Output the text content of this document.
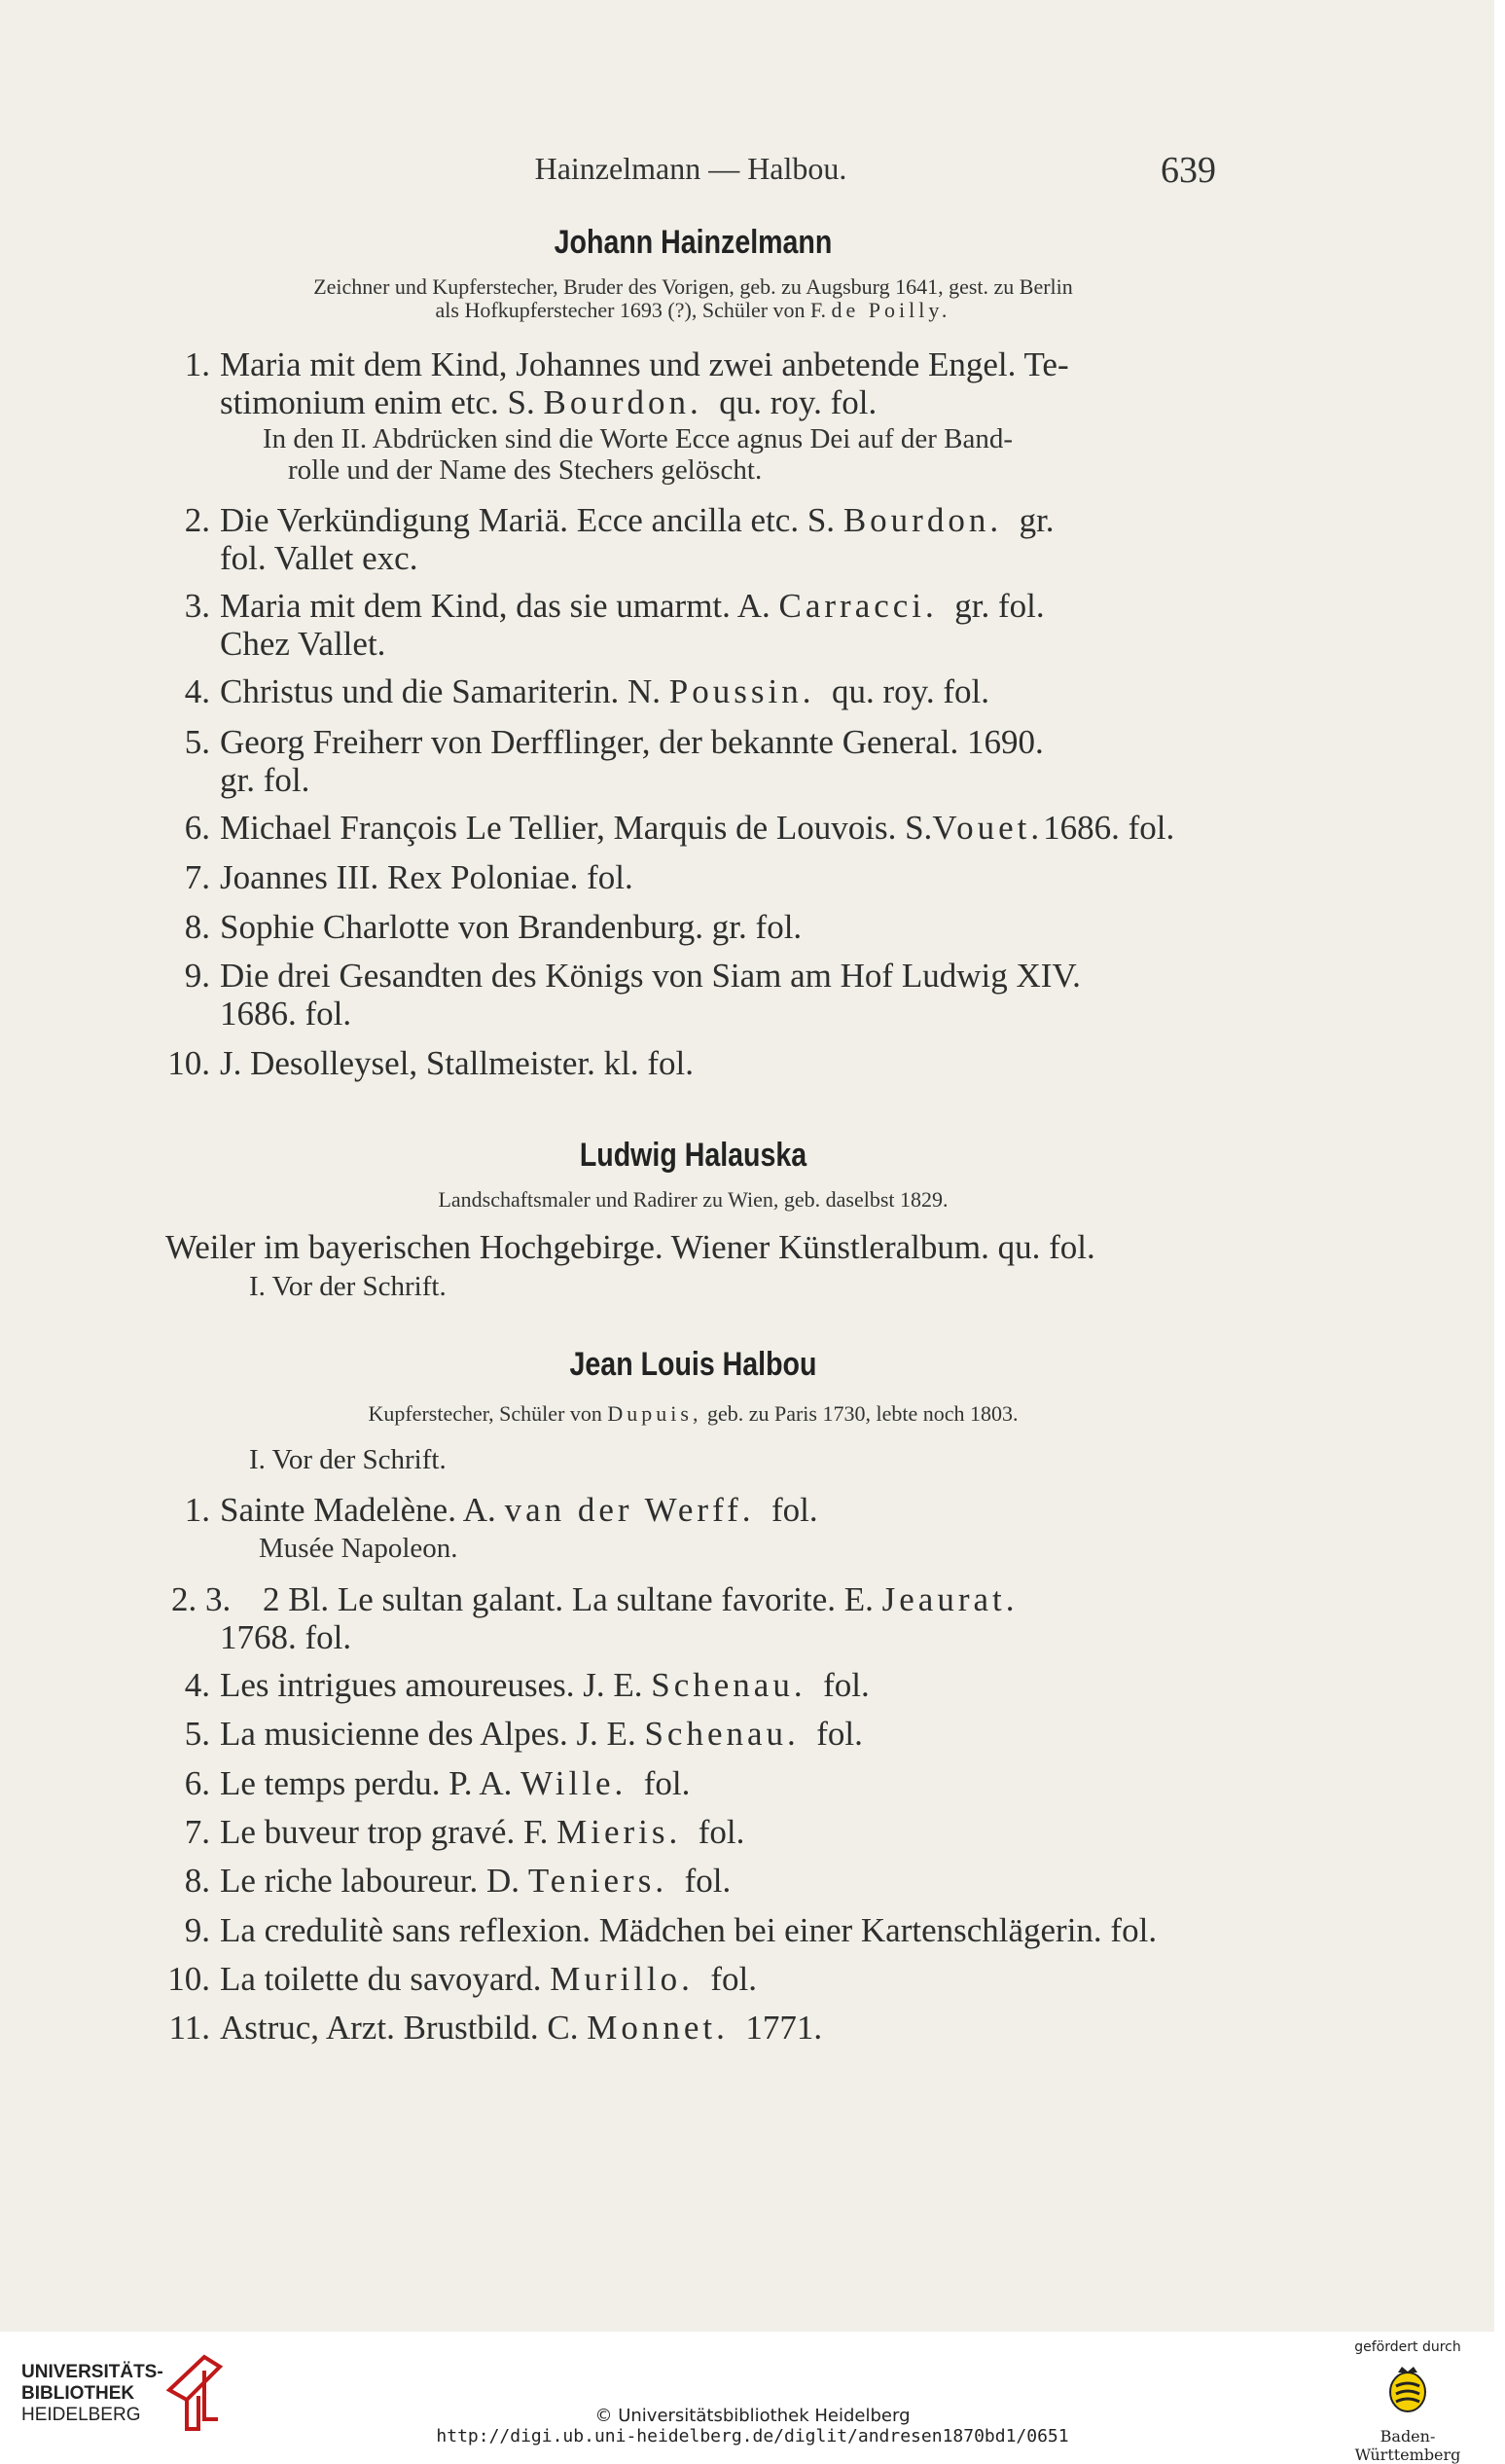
Hainzelmann — Halbou.	639
Johann Hainzelmann
Zeichner und Kupferstecher, Bruder des Vorigen, geb. zu Augsburg 1641, gest. zu Berlin
als Hofkupferstecher 1693 (?), Schüler von F. de Poilly.
1. Maria mit dem Kind, Johannes und zwei anbetende Engel. Te-
stimonium enim etc. S. Bourdon. qu. roy. fol.
In den II. Abdrücken sind die Worte Ecce agnus Dei auf der Band-
rolle und der Name des Stechers gelöscht.
2. Die Verkündigung Mariä. Ecce ancilla etc. S. Bourdon. gr.
fol. Vallet exc.
3. Maria mit dem Kind, das sie umarmt. A. Carracci. gr. fol.
Chez Vallet.
4. Christus und die Samariterin. N. Poussin. qu. roy. fol.
5. Georg Freiherr von Derfflinger, der bekannte General. 1690.
gr. fol.
6. Michael François Le Tellier, Marquis de Louvois. S.Vouet.1686. fol.
7. Joannes III. Rex Poloniae. fol.
8. Sophie Charlotte von Brandenburg. gr. fol.
9. Die drei Gesandten des Königs von Siam am Hof Ludwig XIV.
1686. fol.
10. J. Desolleysel, Stallmeister. kl. fol.
Ludwig Halauska
Landschaftsmaler und Radirer zu Wien, geb. daselbst 1829.
Weiler im bayerischen Hochgebirge. Wiener Künstleralbum. qu. fol.
I. Vor der Schrift.
Jean Louis Halbou
Kupferstecher, Schüler von Dupuis, geb. zu Paris 1730, lebte noch 1803.
I. Vor der Schrift.
1. Sainte Madelène. A. van der Werff. fol.
Musée Napoleon.
2. 3. 2 Bl. Le sultan galant. La sultane favorite. E. Jeaurat.
1768. fol.
4. Les intrigues amoureuses. J. E. Schenau. fol.
5. La musicienne des Alpes. J. E. Schenau. fol.
6. Le temps perdu. P. A. Wille. fol.
7. Le buveur trop gravé. F. Mieris. fol.
8. Le riche laboureur. D. Teniers. fol.
9. La credulitè sans reflexion. Mädchen bei einer Kartenschlägerin. fol.
10. La toilette du savoyard. Murillo. fol.
11. Astruc, Arzt. Brustbild. C. Monnet. 1771.
UNIVERSITÄTS-
BIBLIOTHEK
HEIDELBERG	© Universitätsbibliothek Heidelberg
http://digi.ub.uni-heidelberg.de/diglit/andresen1870bd1/0651
gefördert durch
Baden-Württemberg
